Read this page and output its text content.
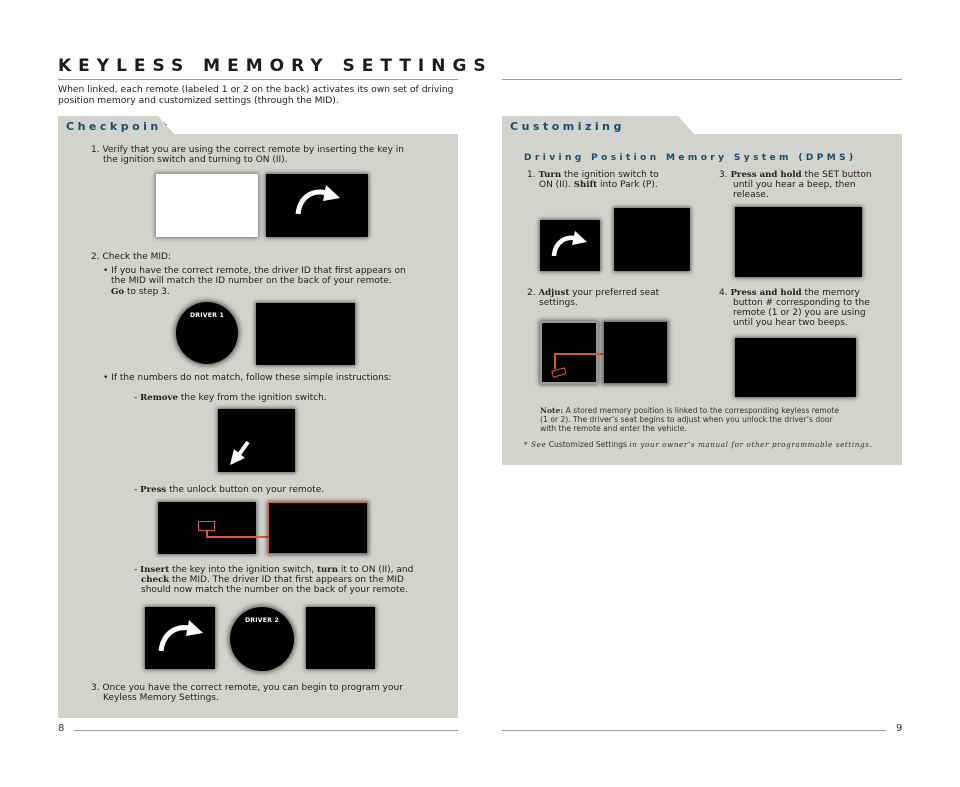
KEYLESS MEMORY SETTINGS
When linked, each remote (labeled 1 or 2 on the back) activates its own set of driving position memory and customized settings (through the MID).
Checkpoint
1. Verify that you are using the correct remote by inserting the key in
the ignition switch and turning to ON (II).
2. Check the MID:
• If you have the correct remote, the driver ID that first appears on
the MID will match the ID number on the back of your remote.
Go to step 3.
DRIVER 1
• If the numbers do not match, follow these simple instructions:
- Remove the key from the ignition switch.
- Press the unlock button on your remote.
- Insert the key into the ignition switch, turn it to ON (II), and
check the MID. The driver ID that first appears on the MID
should now match the number on the back of your remote.
DRIVER 2
3. Once you have the correct remote, you can begin to program your
Keyless Memory Settings.
8
Customizing
Driving Position Memory System (DPMS)
1. Turn the ignition switch to
ON (II). Shift into Park (P).
2. Adjust your preferred seat
settings.
3. Press and hold the SET button
until you hear a beep, then
release.
4. Press and hold the memory
button # corresponding to the
remote (1 or 2) you are using
until you hear two beeps.
Note: A stored memory position is linked to the corresponding keyless remote
(1 or 2). The driver’s seat begins to adjust when you unlock the driver’s door
with the remote and enter the vehicle.
* See Customized Settings in your owner’s manual for other programmable settings.
9
